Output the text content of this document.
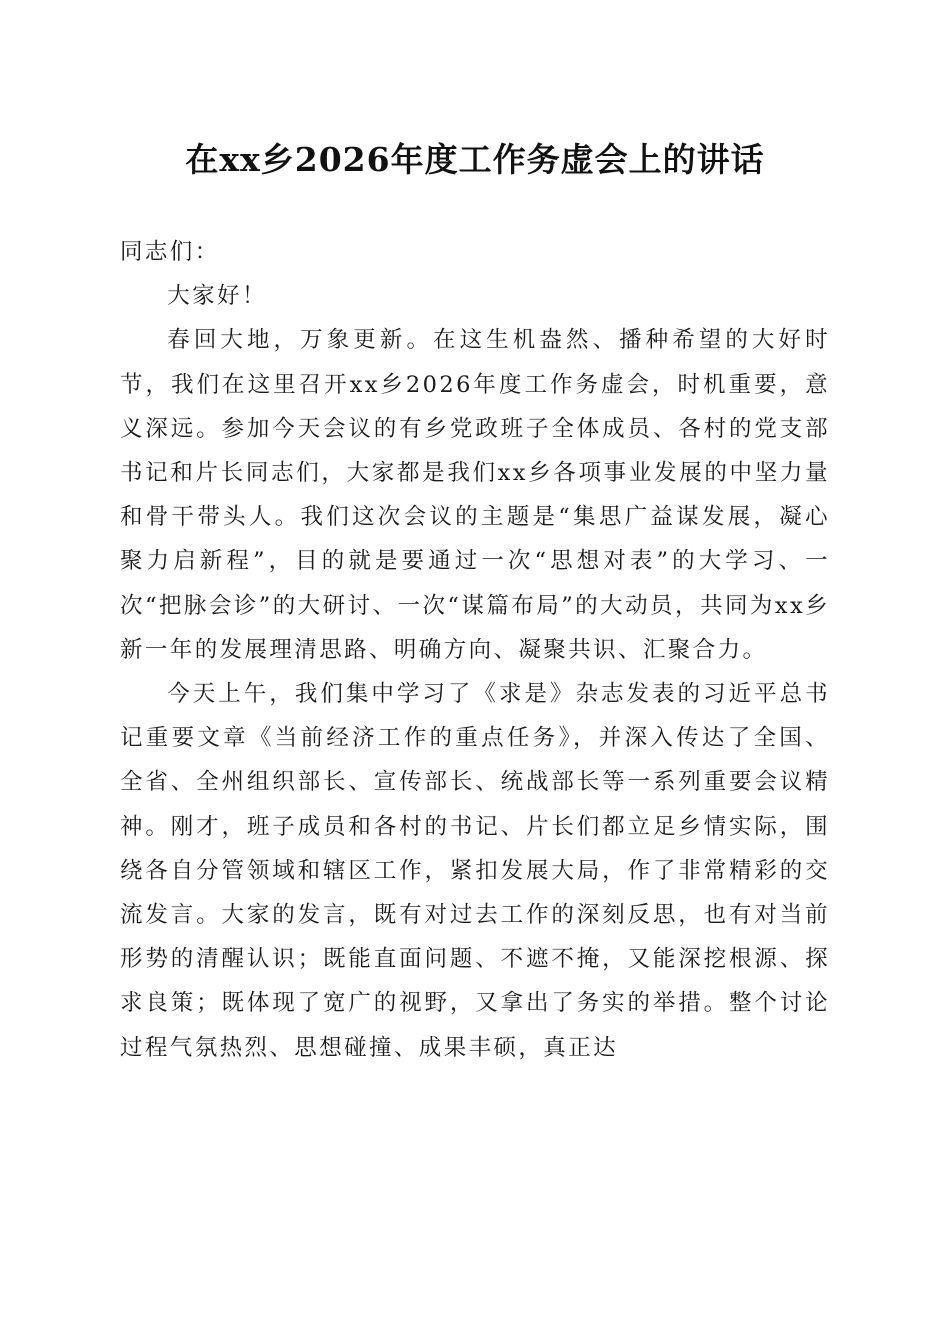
在xx乡2026年度工作务虚会上的讲话

同志们：

大家好！

春回大地，万象更新。在这生机盎然、播种希望的大好时节，我们在这里召开xx乡2026年度工作务虚会，时机重要，意义深远。参加今天会议的有乡党政班子全体成员、各村的党支部书记和片长同志们，大家都是我们xx乡各项事业发展的中坚力量和骨干带头人。我们这次会议的主题是“集思广益谋发展，凝心聚力启新程”，目的就是要通过一次“思想对表”的大学习、一次“把脉会诊”的大研讨、一次“谋篇布局”的大动员，共同为xx乡新一年的发展理清思路、明确方向、凝聚共识、汇聚合力。

今天上午，我们集中学习了《求是》杂志发表的习近平总书记重要文章《当前经济工作的重点任务》，并深入传达了全国、全省、全州组织部长、宣传部长、统战部长等一系列重要会议精神。刚才，班子成员和各村的书记、片长们都立足乡情实际，围绕各自分管领域和辖区工作，紧扣发展大局，作了非常精彩的交流发言。大家的发言，既有对过去工作的深刻反思，也有对当前形势的清醒认识；既能直面问题、不遮不掩，又能深挖根源、探求良策；既体现了宽广的视野，又拿出了务实的举措。整个讨论过程气氛热烈、思想碰撞、成果丰硕，真正达
